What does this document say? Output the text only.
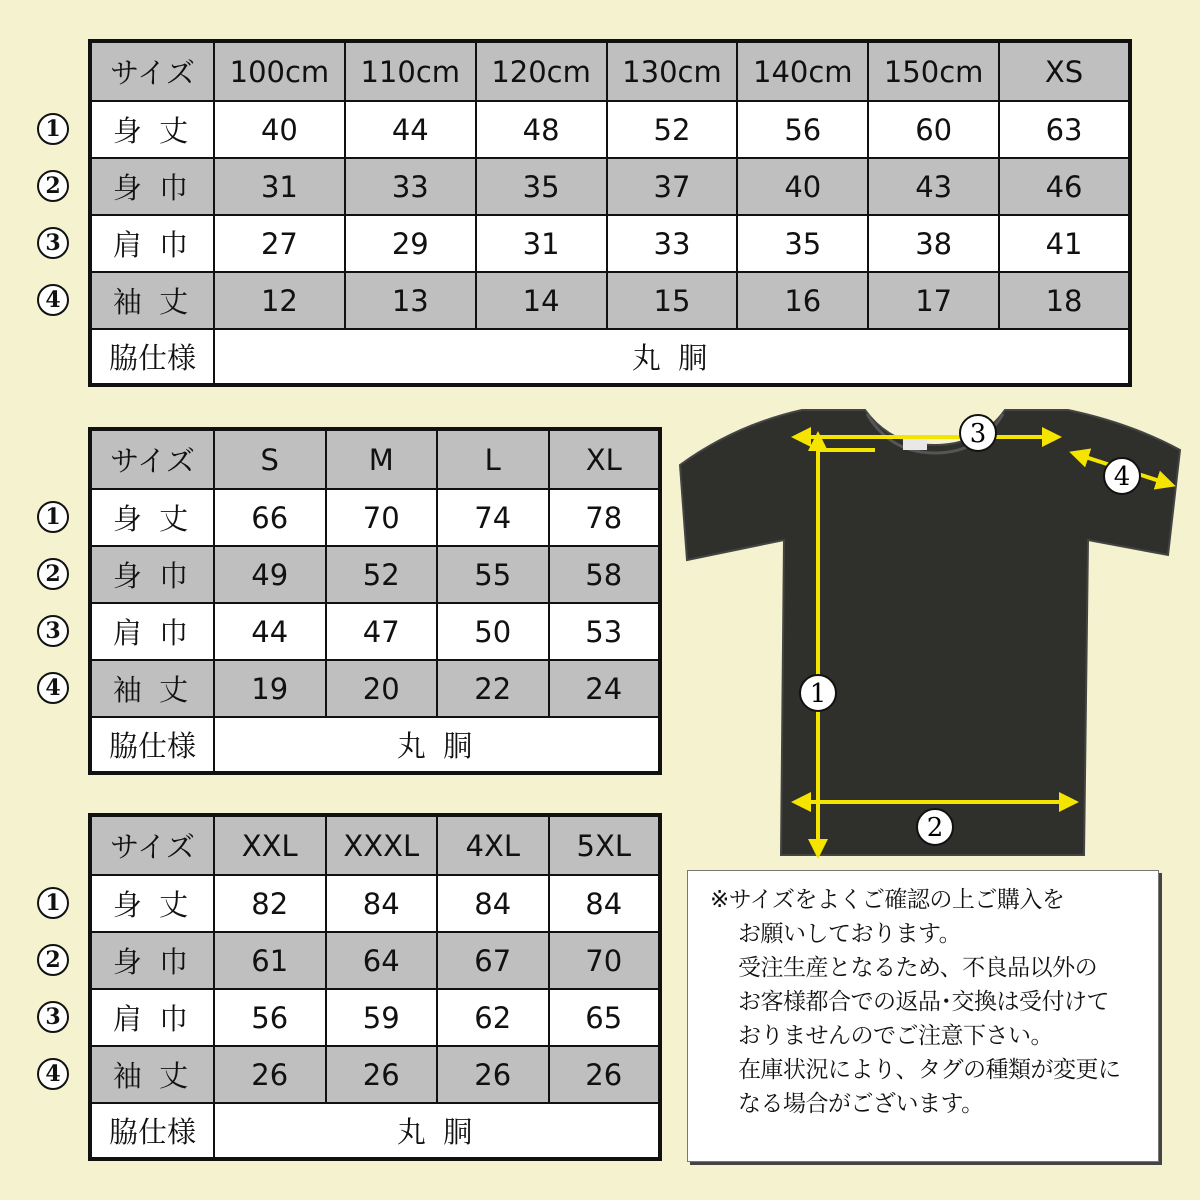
サイズ	100cm	110cm	120cm	130cm	140cm	150cm	XS
身 丈	40	44	48	52	56	60	63
身 巾	31	33	35	37	40	43	46
肩 巾	27	29	31	33	35	38	41
袖 丈	12	13	14	15	16	17	18
脇仕様	丸 胴						
サイズ	S	M	L	XL
身 丈	66	70	74	78
身 巾	49	52	55	58
肩 巾	44	47	50	53
袖 丈	19	20	22	24
脇仕様	丸 胴			
サイズ	XXL	XXXL	4XL	5XL
身 丈	82	84	84	84
身 巾	61	64	67	70
肩 巾	56	59	62	65
袖 丈	26	26	26	26
脇仕様	丸 胴			
1
2
3
4
1
2
3
4
1
2
3
4
1
2
3
4

※サイズをよくご確認の上ご購入を

お願いしております。

受注生産となるため、不良品以外の

お客様都合での返品･交換は受付けて

おりませんのでご注意下さい。

在庫状況により、タグの種類が変更に

なる場合がございます。
